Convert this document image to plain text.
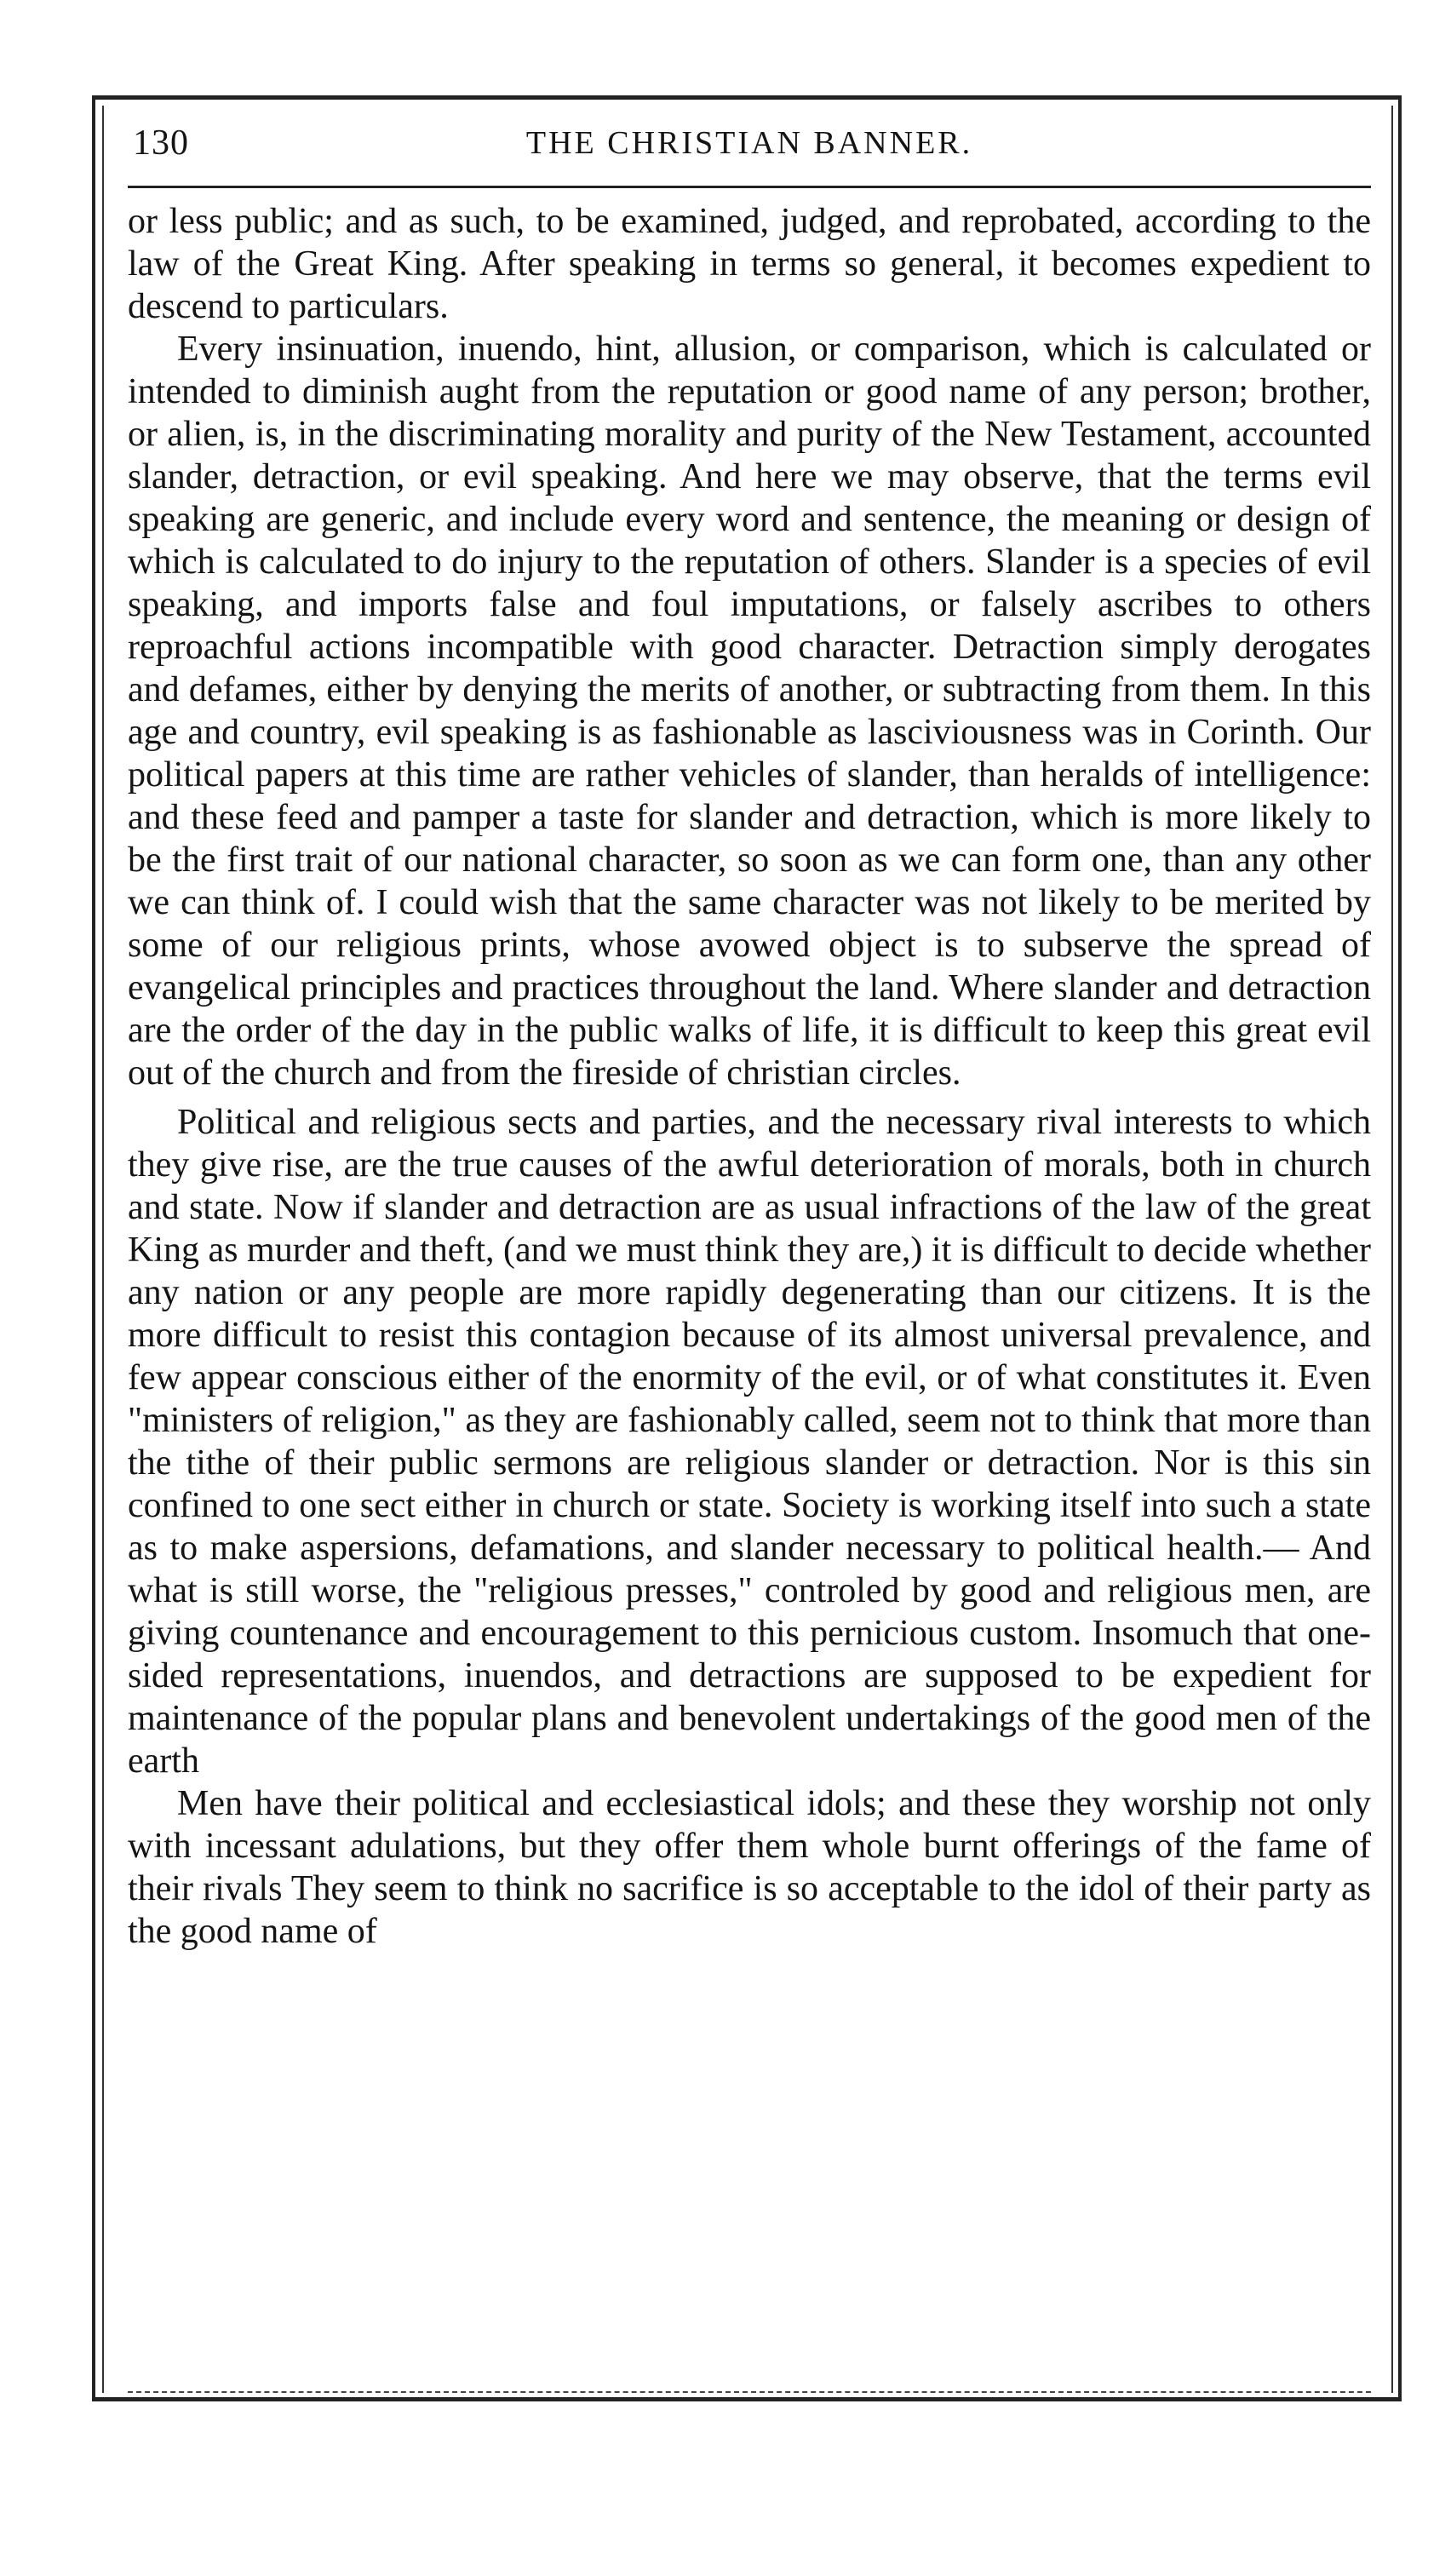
130	THE CHRISTIAN BANNER.

or less public; and as such, to be examined, judged, and reprobated, according to the law of the Great King. After speaking in terms so general, it becomes expedient to descend to particulars.

Every insinuation, inuendo, hint, allusion, or comparison, which is calculated or intended to diminish aught from the reputation or good name of any person; brother, or alien, is, in the discriminating morality and purity of the New Testament, accounted slander, detraction, or evil speaking. And here we may observe, that the terms evil speaking are generic, and include every word and sentence, the meaning or design of which is calculated to do injury to the reputation of others. Slander is a species of evil speaking, and imports false and foul imputations, or falsely ascribes to others reproachful actions incompatible with good character. Detraction simply derogates and defames, either by denying the merits of another, or subtracting from them. In this age and country, evil speaking is as fashionable as lasciviousness was in Corinth. Our political papers at this time are rather vehicles of slander, than heralds of intelligence: and these feed and pamper a taste for slander and detraction, which is more likely to be the first trait of our national character, so soon as we can form one, than any other we can think of. I could wish that the same character was not likely to be merited by some of our religious prints, whose avowed object is to subserve the spread of evangelical principles and practices throughout the land. Where slander and detraction are the order of the day in the public walks of life, it is difficult to keep this great evil out of the church and from the fireside of christian circles.

Political and religious sects and parties, and the necessary rival interests to which they give rise, are the true causes of the awful deterioration of morals, both in church and state. Now if slander and detraction are as usual infractions of the law of the great King as murder and theft, (and we must think they are,) it is difficult to decide whether any nation or any people are more rapidly degenerating than our citizens. It is the more difficult to resist this contagion because of its almost universal prevalence, and few appear conscious either of the enormity of the evil, or of what constitutes it. Even "ministers of religion," as they are fashionably called, seem not to think that more than the tithe of their public sermons are religious slander or detraction. Nor is this sin confined to one sect either in church or state. Society is working itself into such a state as to make aspersions, defamations, and slander necessary to political health.— And what is still worse, the "religious presses," controled by good and religious men, are giving countenance and encouragement to this pernicious custom. Insomuch that one-sided representations, inuendos, and detractions are supposed to be expedient for maintenance of the popular plans and benevolent undertakings of the good men of the earth

Men have their political and ecclesiastical idols; and these they worship not only with incessant adulations, but they offer them whole burnt offerings of the fame of their rivals They seem to think no sacrifice is so acceptable to the idol of their party as the good name of
